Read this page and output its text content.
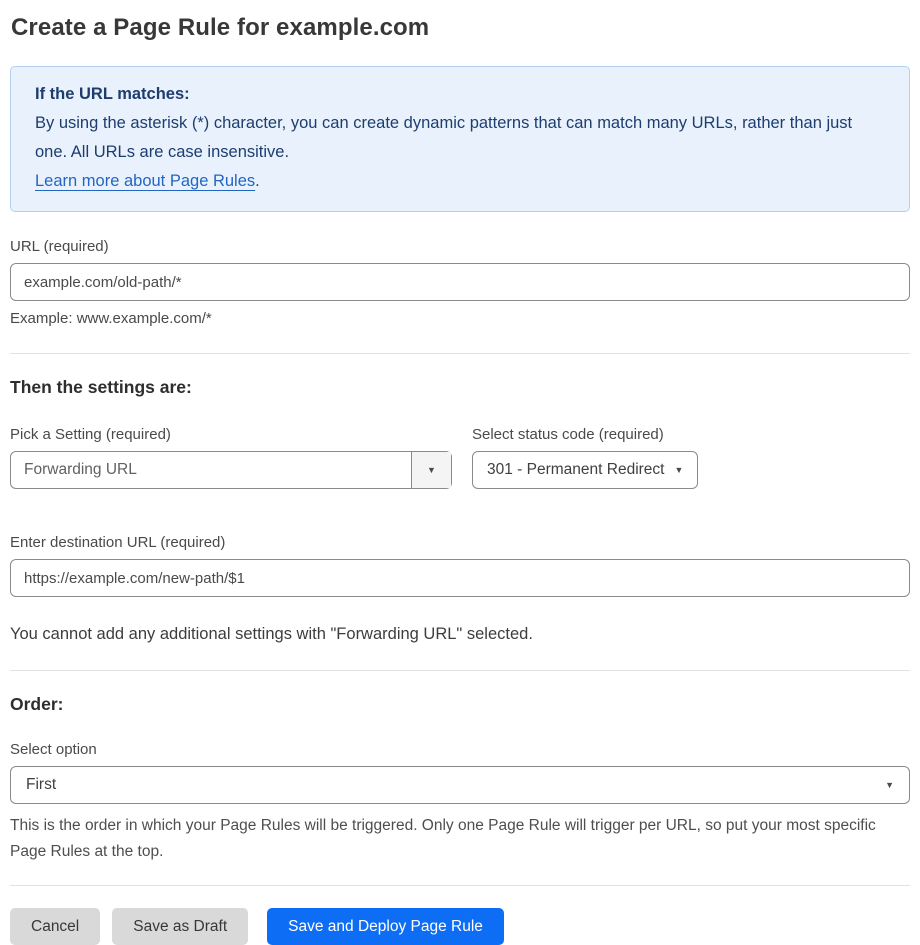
Create a Page Rule for example.com
If the URL matches:
By using the asterisk (*) character, you can create dynamic patterns that can match many URLs, rather than just one. All URLs are case insensitive.
Learn more about Page Rules.
URL (required)
example.com/old-path/*
Example: www.example.com/*
Then the settings are:
Pick a Setting (required)
Forwarding URL	▼
Select status code (required)
301 - Permanent Redirect ▼
Enter destination URL (required)
https://example.com/new-path/$1

You cannot add any additional settings with "Forwarding URL" selected.

Order:
Select option
First	▼
This is the order in which your Page Rules will be triggered. Only one Page Rule will trigger per URL, so put your most specific Page Rules at the top.
Cancel	Save as Draft	Save and Deploy Page Rule
